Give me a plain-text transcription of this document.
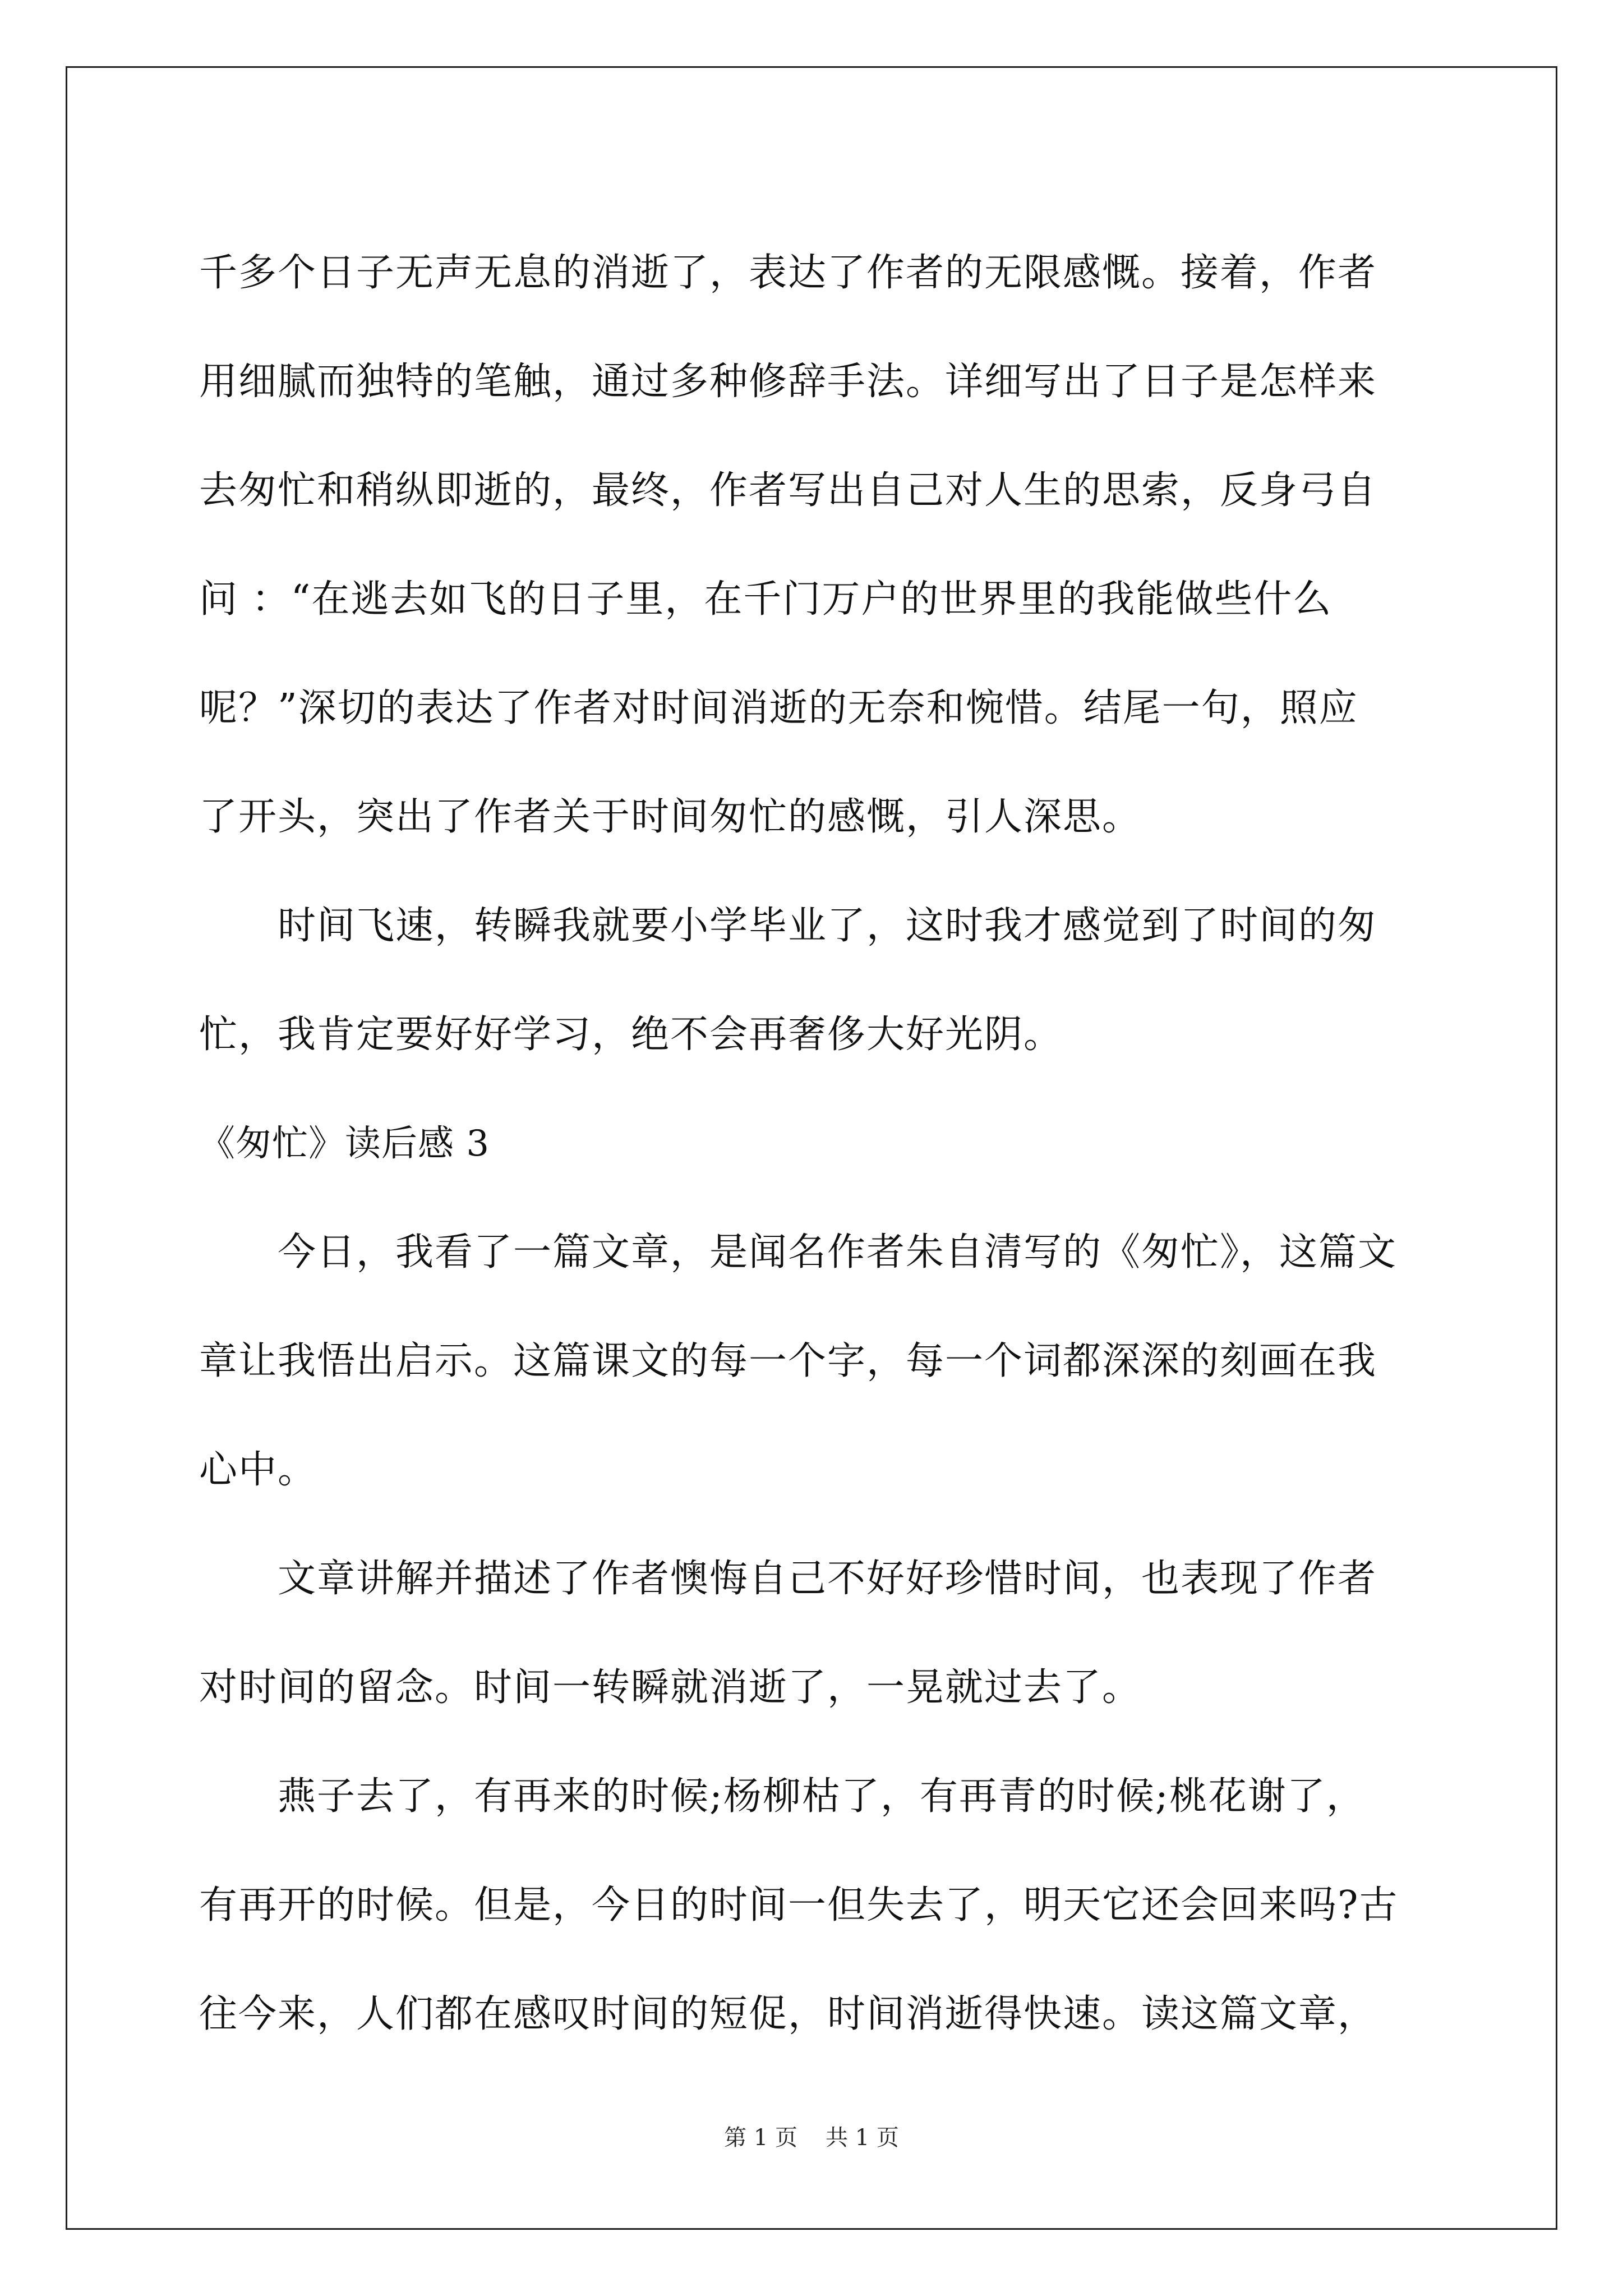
千多个日子无声无息的消逝了，表达了作者的无限感慨。接着，作者
用细腻而独特的笔触，通过多种修辞手法。详细写出了日子是怎样来
去匆忙和稍纵即逝的，最终，作者写出自己对人生的思索，反身弓自
问 ：“在逃去如飞的日子里，在千门万户的世界里的我能做些什么
呢？”深切的表达了作者对时间消逝的无奈和惋惜。结尾一句，照应
了开头，突出了作者关于时间匆忙的感慨，引人深思。
　　时间飞速，转瞬我就要小学毕业了，这时我才感觉到了时间的匆
忙，我肯定要好好学习，绝不会再奢侈大好光阴。
《匆忙》读后感 3
　　今日，我看了一篇文章，是闻名作者朱自清写的《匆忙》，这篇文
章让我悟出启示。这篇课文的每一个字，每一个词都深深的刻画在我
心中。
　　文章讲解并描述了作者懊悔自己不好好珍惜时间，也表现了作者
对时间的留念。时间一转瞬就消逝了，一晃就过去了。
　　燕子去了，有再来的时候;杨柳枯了，有再青的时候;桃花谢了，
有再开的时候。但是，今日的时间一但失去了，明天它还会回来吗?古
往今来，人们都在感叹时间的短促，时间消逝得快速。读这篇文章，
第 1 页 共 1 页
